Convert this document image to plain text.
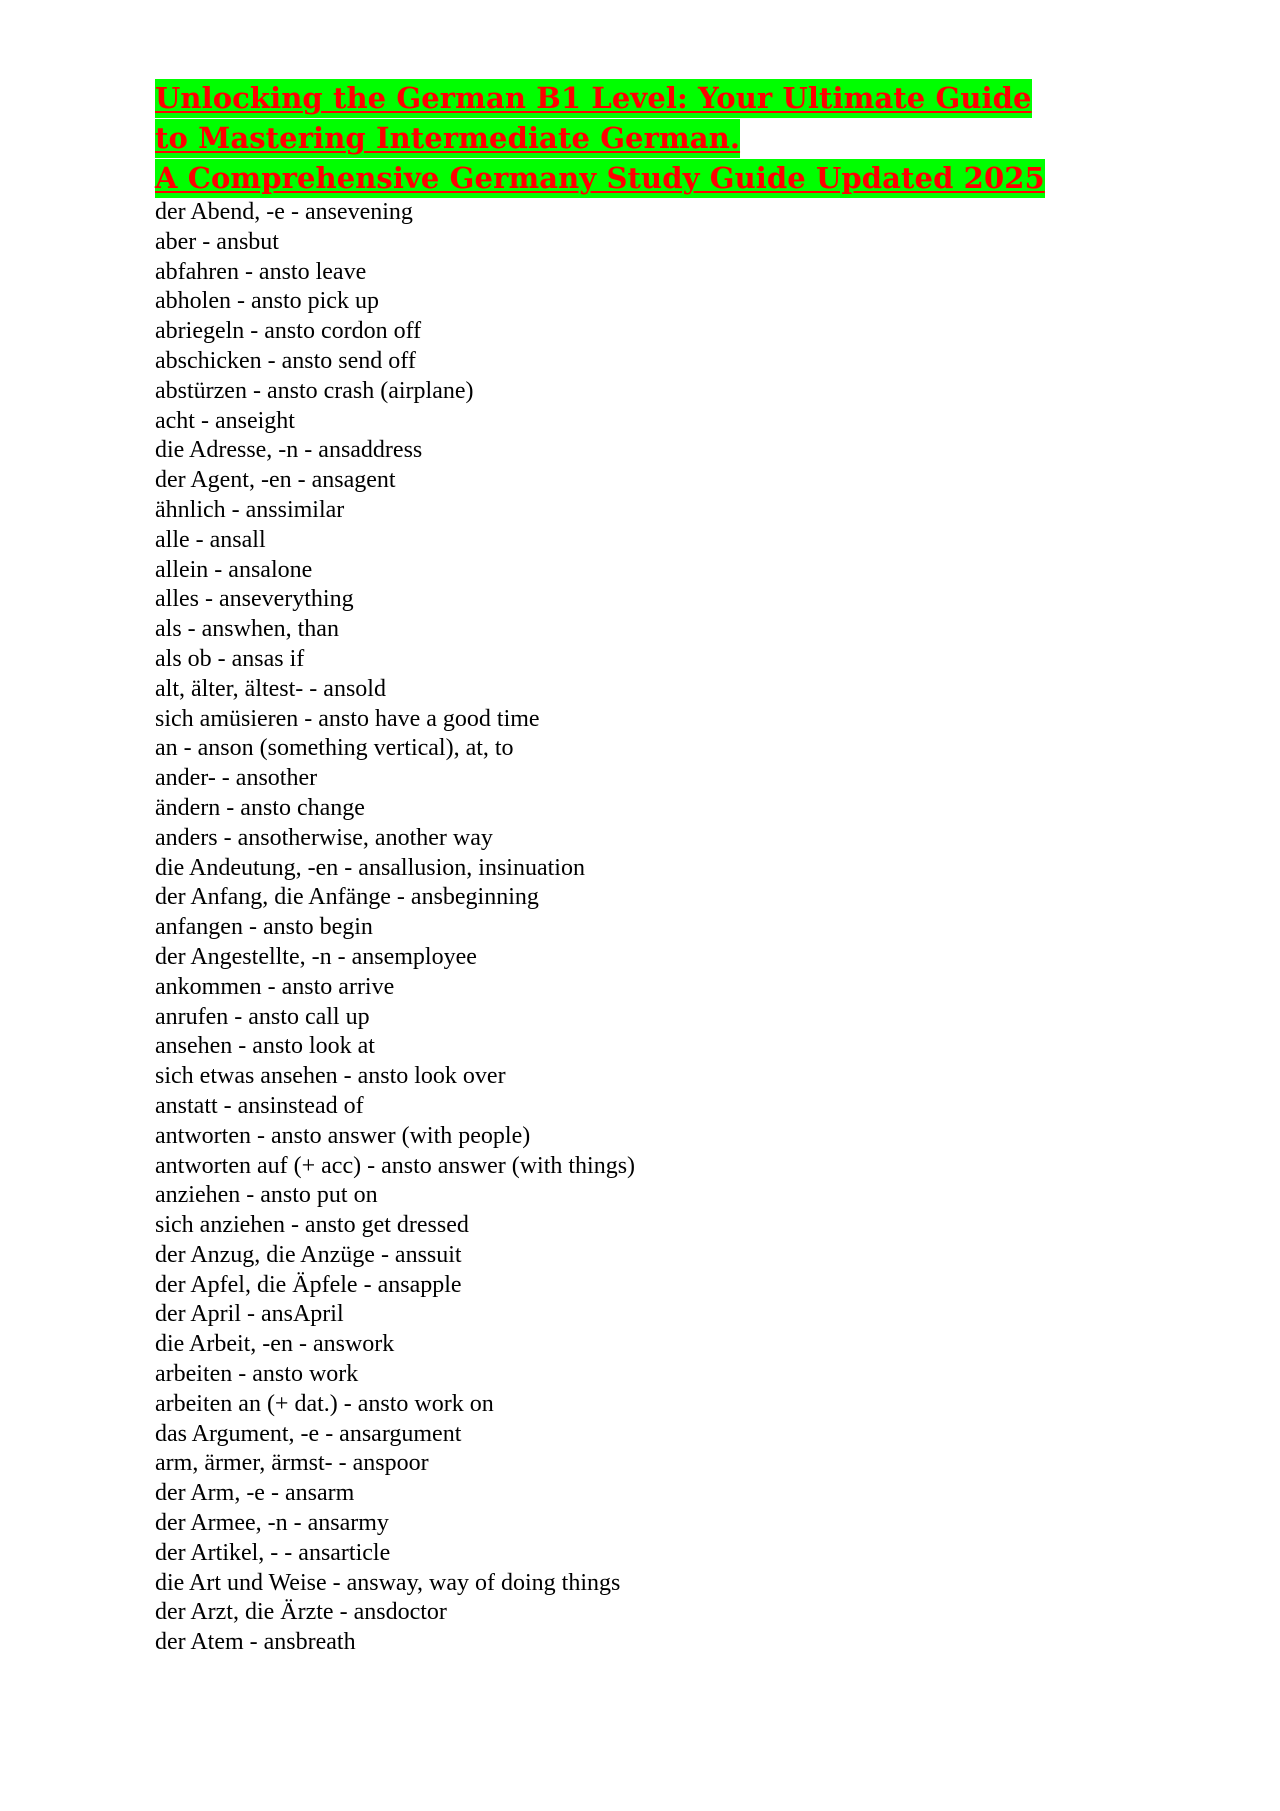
Unlocking the German B1 Level: Your Ultimate Guide
to Mastering Intermediate German.
A Comprehensive Germany Study Guide Updated 2025
der Abend, -e - ansevening
aber - ansbut
abfahren - ansto leave
abholen - ansto pick up
abriegeln - ansto cordon off
abschicken - ansto send off
abstürzen - ansto crash (airplane)
acht - anseight
die Adresse, -n - ansaddress
der Agent, -en - ansagent
ähnlich - anssimilar
alle - ansall
allein - ansalone
alles - anseverything
als - answhen, than
als ob - ansas if
alt, älter, ältest- - ansold
sich amüsieren - ansto have a good time
an - anson (something vertical), at, to
ander- - ansother
ändern - ansto change
anders - ansotherwise, another way
die Andeutung, -en - ansallusion, insinuation
der Anfang, die Anfänge - ansbeginning
anfangen - ansto begin
der Angestellte, -n - ansemployee
ankommen - ansto arrive
anrufen - ansto call up
ansehen - ansto look at
sich etwas ansehen - ansto look over
anstatt - ansinstead of
antworten - ansto answer (with people)
antworten auf (+ acc) - ansto answer (with things)
anziehen - ansto put on
sich anziehen - ansto get dressed
der Anzug, die Anzüge - anssuit
der Apfel, die Äpfele - ansapple
der April - ansApril
die Arbeit, -en - answork
arbeiten - ansto work
arbeiten an (+ dat.) - ansto work on
das Argument, -e - ansargument
arm, ärmer, ärmst- - anspoor
der Arm, -e - ansarm
der Armee, -n - ansarmy
der Artikel, - - ansarticle
die Art und Weise - answay, way of doing things
der Arzt, die Ärzte - ansdoctor
der Atem - ansbreath
